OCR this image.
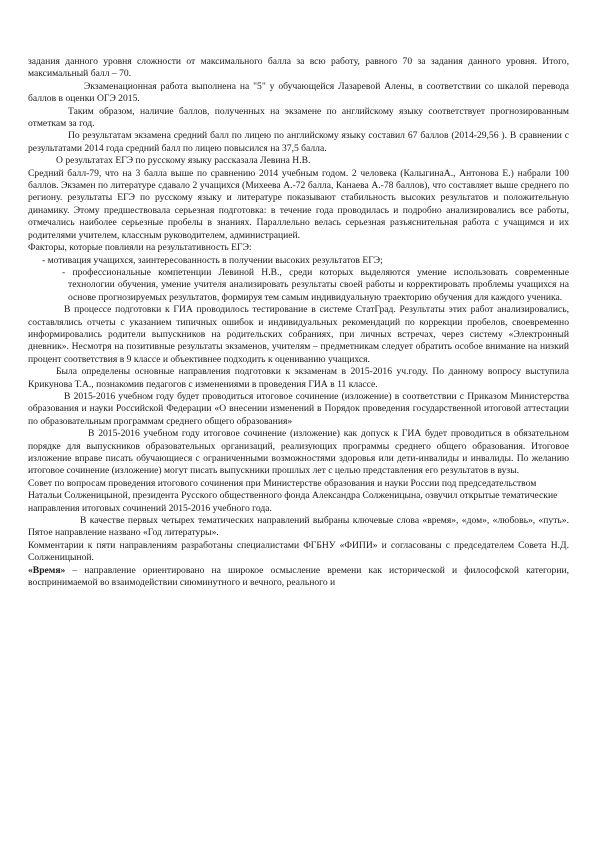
задания данного уровня сложности от максимального балла за всю работу, равного 70 за задания данного уровня. Итого, максимальный балл – 70.

Экзаменационная работа выполнена на "5" у обучающейся Лазаревой Алены, в соответствии со шкалой перевода баллов в оценки ОГЭ 2015.

Таким образом, наличие баллов, полученных на экзамене по английскому языку соответствует прогнозированным отметкам за год.

По результатам экзамена средний балл по лицею по английскому языку составил 67 баллов (2014-29,56 ). В сравнении с результатами 2014 года средний балл по лицею повысился на 37,5 балла.

О результатах ЕГЭ по русскому языку рассказала Левина Н.В.

Средний балл-79, что на 3 балла выше по сравнению 2014 учебным годом. 2 человека (КалыгинаА., Антонова Е.) набрали 100 баллов. Экзамен по литературе сдавало 2 учащихся (Михеева А.-72 балла, Канаева А.-78 баллов), что составляет выше среднего по региону. результаты ЕГЭ по русскому языку и литературе показывают стабильность высоких результатов и положительную динамику. Этому предшествовала серьезная подготовка: в течение года проводилась и подробно анализировались все работы, отмечались наиболее серьезные пробелы в знаниях. Параллельно велась серьезная разъяснительная работа с учащимся и их родителями учителем, классным руководителем, администрацией.

Факторы, которые повлияли на результативность ЕГЭ:

- мотивация учащихся, заинтересованность в получении высоких результатов ЕГЭ;

- профессиональные компетенции Левиной Н.В., среди которых выделяются умение использовать современные технологии обучения, умение учителя анализировать результаты своей работы и корректировать проблемы учащихся на основе прогнозируемых результатов, формируя тем самым индивидуальную траекторию обучения для каждого ученика.

В процессе подготовки к ГИА проводилось тестирование в системе СтатГрад. Результаты этих работ анализировались, составлялись отчеты с указанием типичных ошибок и индивидуальных рекомендаций по коррекции пробелов, своевременно информировались родители выпускников на родительских собраниях, при личных встречах, через систему «Электронный дневник». Несмотря на позитивные результаты экзаменов, учителям – предметникам следует обратить особое внимание на низкий процент соответствия в 9 классе и объективнее подходить к оцениванию учащихся.

Была определены основные направления подготовки к экзаменам в 2015-2016 уч.году. По данному вопросу выступила Крикунова Т.А., познакомив педагогов с изменениями в проведения ГИА в 11 классе.

В 2015-2016 учебном году будет проводиться итоговое сочинение (изложение) в соответствии с Приказом Министерства образования и науки Российской Федерации «О внесении изменений в Порядок проведения государственной итоговой аттестации по образовательным программам среднего общего образования»

В 2015-2016 учебном году итоговое сочинение (изложение) как допуск к ГИА будет проводиться в обязательном порядке для выпускников образовательных организаций, реализующих программы среднего общего образования. Итоговое изложение вправе писать обучающиеся с ограниченными возможностями здоровья или дети-инвалиды и инвалиды. По желанию итоговое сочинение (изложение) могут писать выпускники прошлых лет с целью представления его результатов в вузы.

Совет по вопросам проведения итогового сочинения при Министерстве образования и науки России под председательством Натальи Солженицыной, президента Русского общественного фонда Александра Солженицына, озвучил открытые тематические направления итоговых сочинений 2015-2016 учебного года.

В качестве первых четырех тематических направлений выбраны ключевые слова «время», «дом», «любовь», «путь». Пятое направление названо «Год литературы».

Комментарии к пяти направлениям разработаны специалистами ФГБНУ «ФИПИ» и согласованы с председателем Совета Н.Д. Солженицыной.

«Время» – направление ориентировано на широкое осмысление времени как исторической и философской категории, воспринимаемой во взаимодействии сиюминутного и вечного, реального и
